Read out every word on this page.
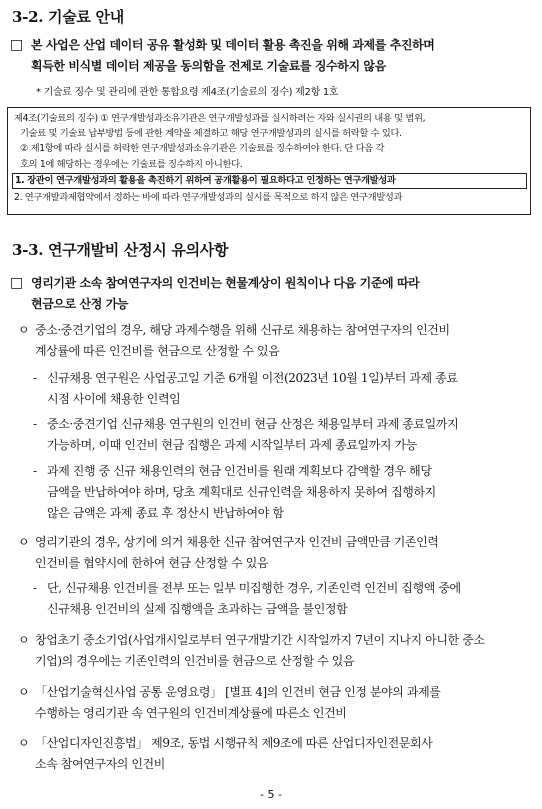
3-2. 기술료 안내
□ 본 사업은 산업 데이터 공유 활성화 및 데이터 활용 촉진을 위해 과제를 추진하며
획득한 비식별 데이터 제공을 동의함을 전제로 기술료를 징수하지 않음
* 기술료 징수 및 관리에 관한 통합요령 제4조(기술료의 징수) 제2항 1호
제4조(기술료의 징수) ① 연구개발성과소유기관은 연구개발성과를 실시하려는 자와 실시권의 내용 및 범위,
기술료 및 기술료 납부방법 등에 관한 계약을 체결하고 해당 연구개발성과의 실시를 허락할 수 있다.
② 제1항에 따라 실시를 허락한 연구개발성과소유기관은 기술료를 징수하여야 한다. 단 다음 각
호의 1에 해당하는 경우에는 기술료를 징수하지 아니한다.
1. 장관이 연구개발성과의 활용을 촉진하기 위하여 공개활용이 필요하다고 인정하는 연구개발성과
2. 연구개발과제협약에서 정하는 바에 따라 연구개발성과의 실시를 목적으로 하지 않은 연구개발성과
3-3. 연구개발비 산정시 유의사항
□ 영리기관 소속 참여연구자의 인건비는 현물계상이 원칙이나 다음 기준에 따라
현금으로 산정 가능
ㅇ 중소·중견기업의 경우, 해당 과제수행을 위해 신규로 채용하는 참여연구자의 인건비
계상률에 따른 인건비를 현금으로 산정할 수 있음
- 신규채용 연구원은 사업공고일 기준 6개월 이전(2023년 10월 1일)부터 과제 종료
시점 사이에 채용한 인력임
- 중소·중견기업 신규채용 연구원의 인건비 현금 산정은 채용일부터 과제 종료일까지
가능하며, 이때 인건비 현금 집행은 과제 시작일부터 과제 종료일까지 가능
- 과제 진행 중 신규 채용인력의 현금 인건비를 원래 계획보다 감액할 경우 해당
금액을 반납하여야 하며, 당초 계획대로 신규인력을 채용하지 못하여 집행하지
않은 금액은 과제 종료 후 정산시 반납하여야 함
ㅇ 영리기관의 경우, 상기에 의거 채용한 신규 참여연구자 인건비 금액만큼 기존인력
인건비를 협약시에 한하여 현금 산정할 수 있음
- 단, 신규채용 인건비를 전부 또는 일부 미집행한 경우, 기존인력 인건비 집행액 중에
신규채용 인건비의 실제 집행액을 초과하는 금액을 불인정함
ㅇ 창업초기 중소기업(사업개시일로부터 연구개발기간 시작일까지 7년이 지나지 아니한 중소
기업)의 경우에는 기존인력의 인건비를 현금으로 산정할 수 있음
ㅇ 「산업기술혁신사업 공통 운영요령」 [별표 4]의 인건비 현금 인정 분야의 과제를
수행하는 영리기관 속 연구원의 인건비계상률에 따른소 인건비
ㅇ 「산업디자인진흥법」 제9조, 동법 시행규칙 제9조에 따른 산업디자인전문회사
소속 참여연구자의 인건비
- 5 -
